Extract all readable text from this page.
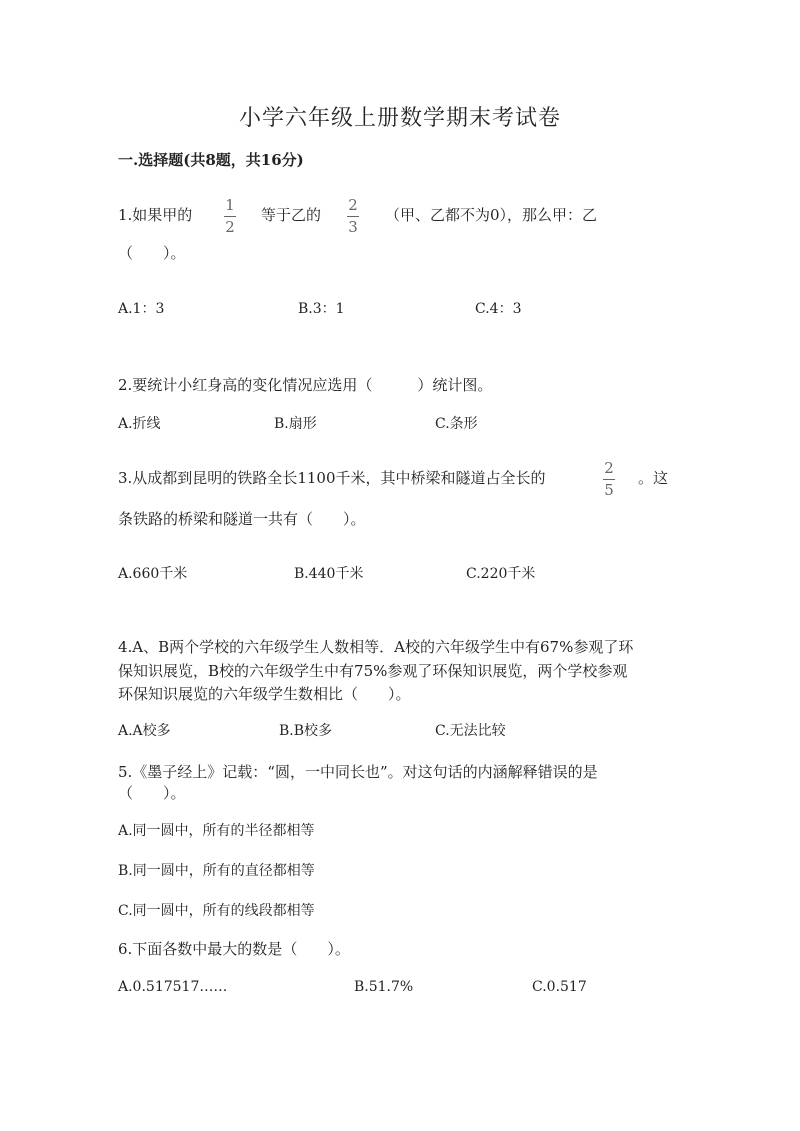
小学六年级上册数学期末考试卷
一.选择题(共8题，共16分)
1.如果甲的
1
2
等于乙的
2
3
（甲、乙都不为0），那么甲：乙
（　　）。
A.1：3	B.3：1	C.4：3
2.要统计小红身高的变化情况应选用（　　　）统计图。
A.折线	B.扇形	C.条形
3.从成都到昆明的铁路全长1100千米，其中桥梁和隧道占全长的
2
5
。这
条铁路的桥梁和隧道一共有（　　）。
A.660千米	B.440千米	C.220千米
4.A、B两个学校的六年级学生人数相等．A校的六年级学生中有67%参观了环
保知识展览，B校的六年级学生中有75%参观了环保知识展览，两个学校参观
环保知识展览的六年级学生数相比（　　）。
A.A校多	B.B校多	C.无法比较
5.《墨子经上》记载：“圆，一中同长也”。对这句话的内涵解释错误的是
（　　）。
A.同一圆中，所有的半径都相等
B.同一圆中，所有的直径都相等
C.同一圆中，所有的线段都相等
6.下面各数中最大的数是（　　）。
A.0.517517……	B.51.7%	C.0.517
